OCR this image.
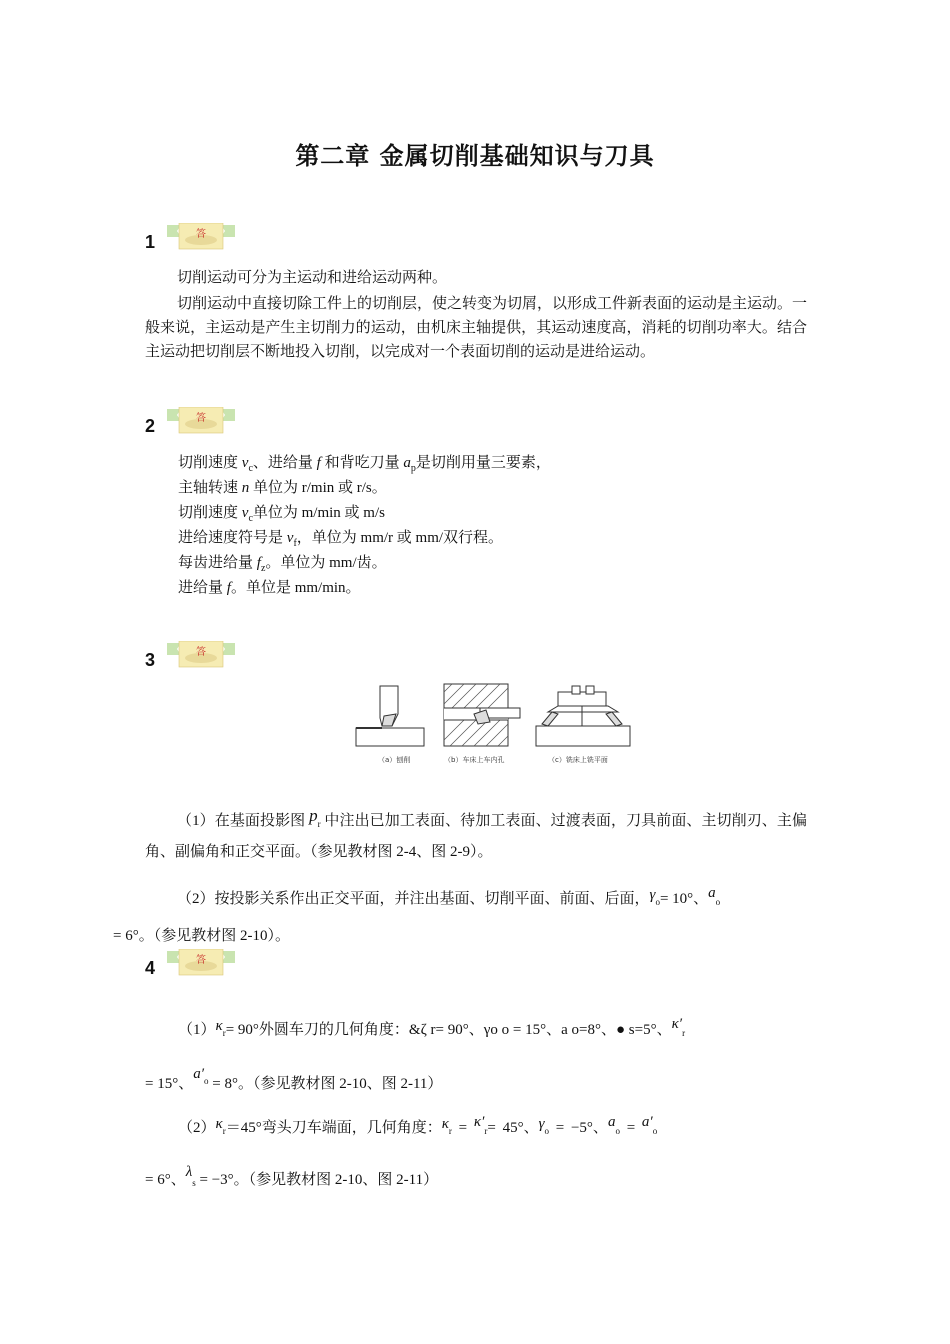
第二章 金属切削基础知识与刀具
1	答
切削运动可分为主运动和进给运动两种。
切削运动中直接切除工件上的切削层，使之转变为切屑，以形成工件新表面的运动是主运动。一般来说，主运动是产生主切削力的运动，由机床主轴提供，其运动速度高，消耗的切削功率大。结合主运动把切削层不断地投入切削，以完成对一个表面切削的运动是进给运动。
2	答
切削速度 $v_c$、进给量 f 和背吃刀量 $a_p$是切削用量三要素，
主轴转速 n 单位为 r/min 或 r/s。
切削速度 $v_c$单位为 m/min 或 m/s
进给速度符号是 $v_f$，单位为 mm/r 或 mm/双行程。
每齿进给量 $f_z$。单位为 mm/齿。
进给量 f。单位是 mm/min。
3	答
（a）刨削	（b）车床上车内孔	（c）铣床上铣平面
（1）在基面投影图 pr 中注出已加工表面、待加工表面、过渡表面，刀具前面、主切削刃、主偏角、副偏角和正交平面。（参见教材图 2-4、图 2-9）。
（2）按投影关系作出正交平面，并注出基面、切削平面、前面、后面，γo= 10°、ao
= 6°。（参见教材图 2-10）。
4	答
（1）κr= 90°外圆车刀的几何角度：&ζ r= 90°、γo o = 15°、a o=8°、● s=5°、κ′r
= 15°、$a'^o = 8^\circ$。（参见教材图 2-10、图 2-11）
（2）κr＝45°弯头刀车端面，几何角度：κr = κ′r= 45°、γo = −5°、ao = a′o
= 6°、λs = −3°。（参见教材图 2-10、图 2-11）
